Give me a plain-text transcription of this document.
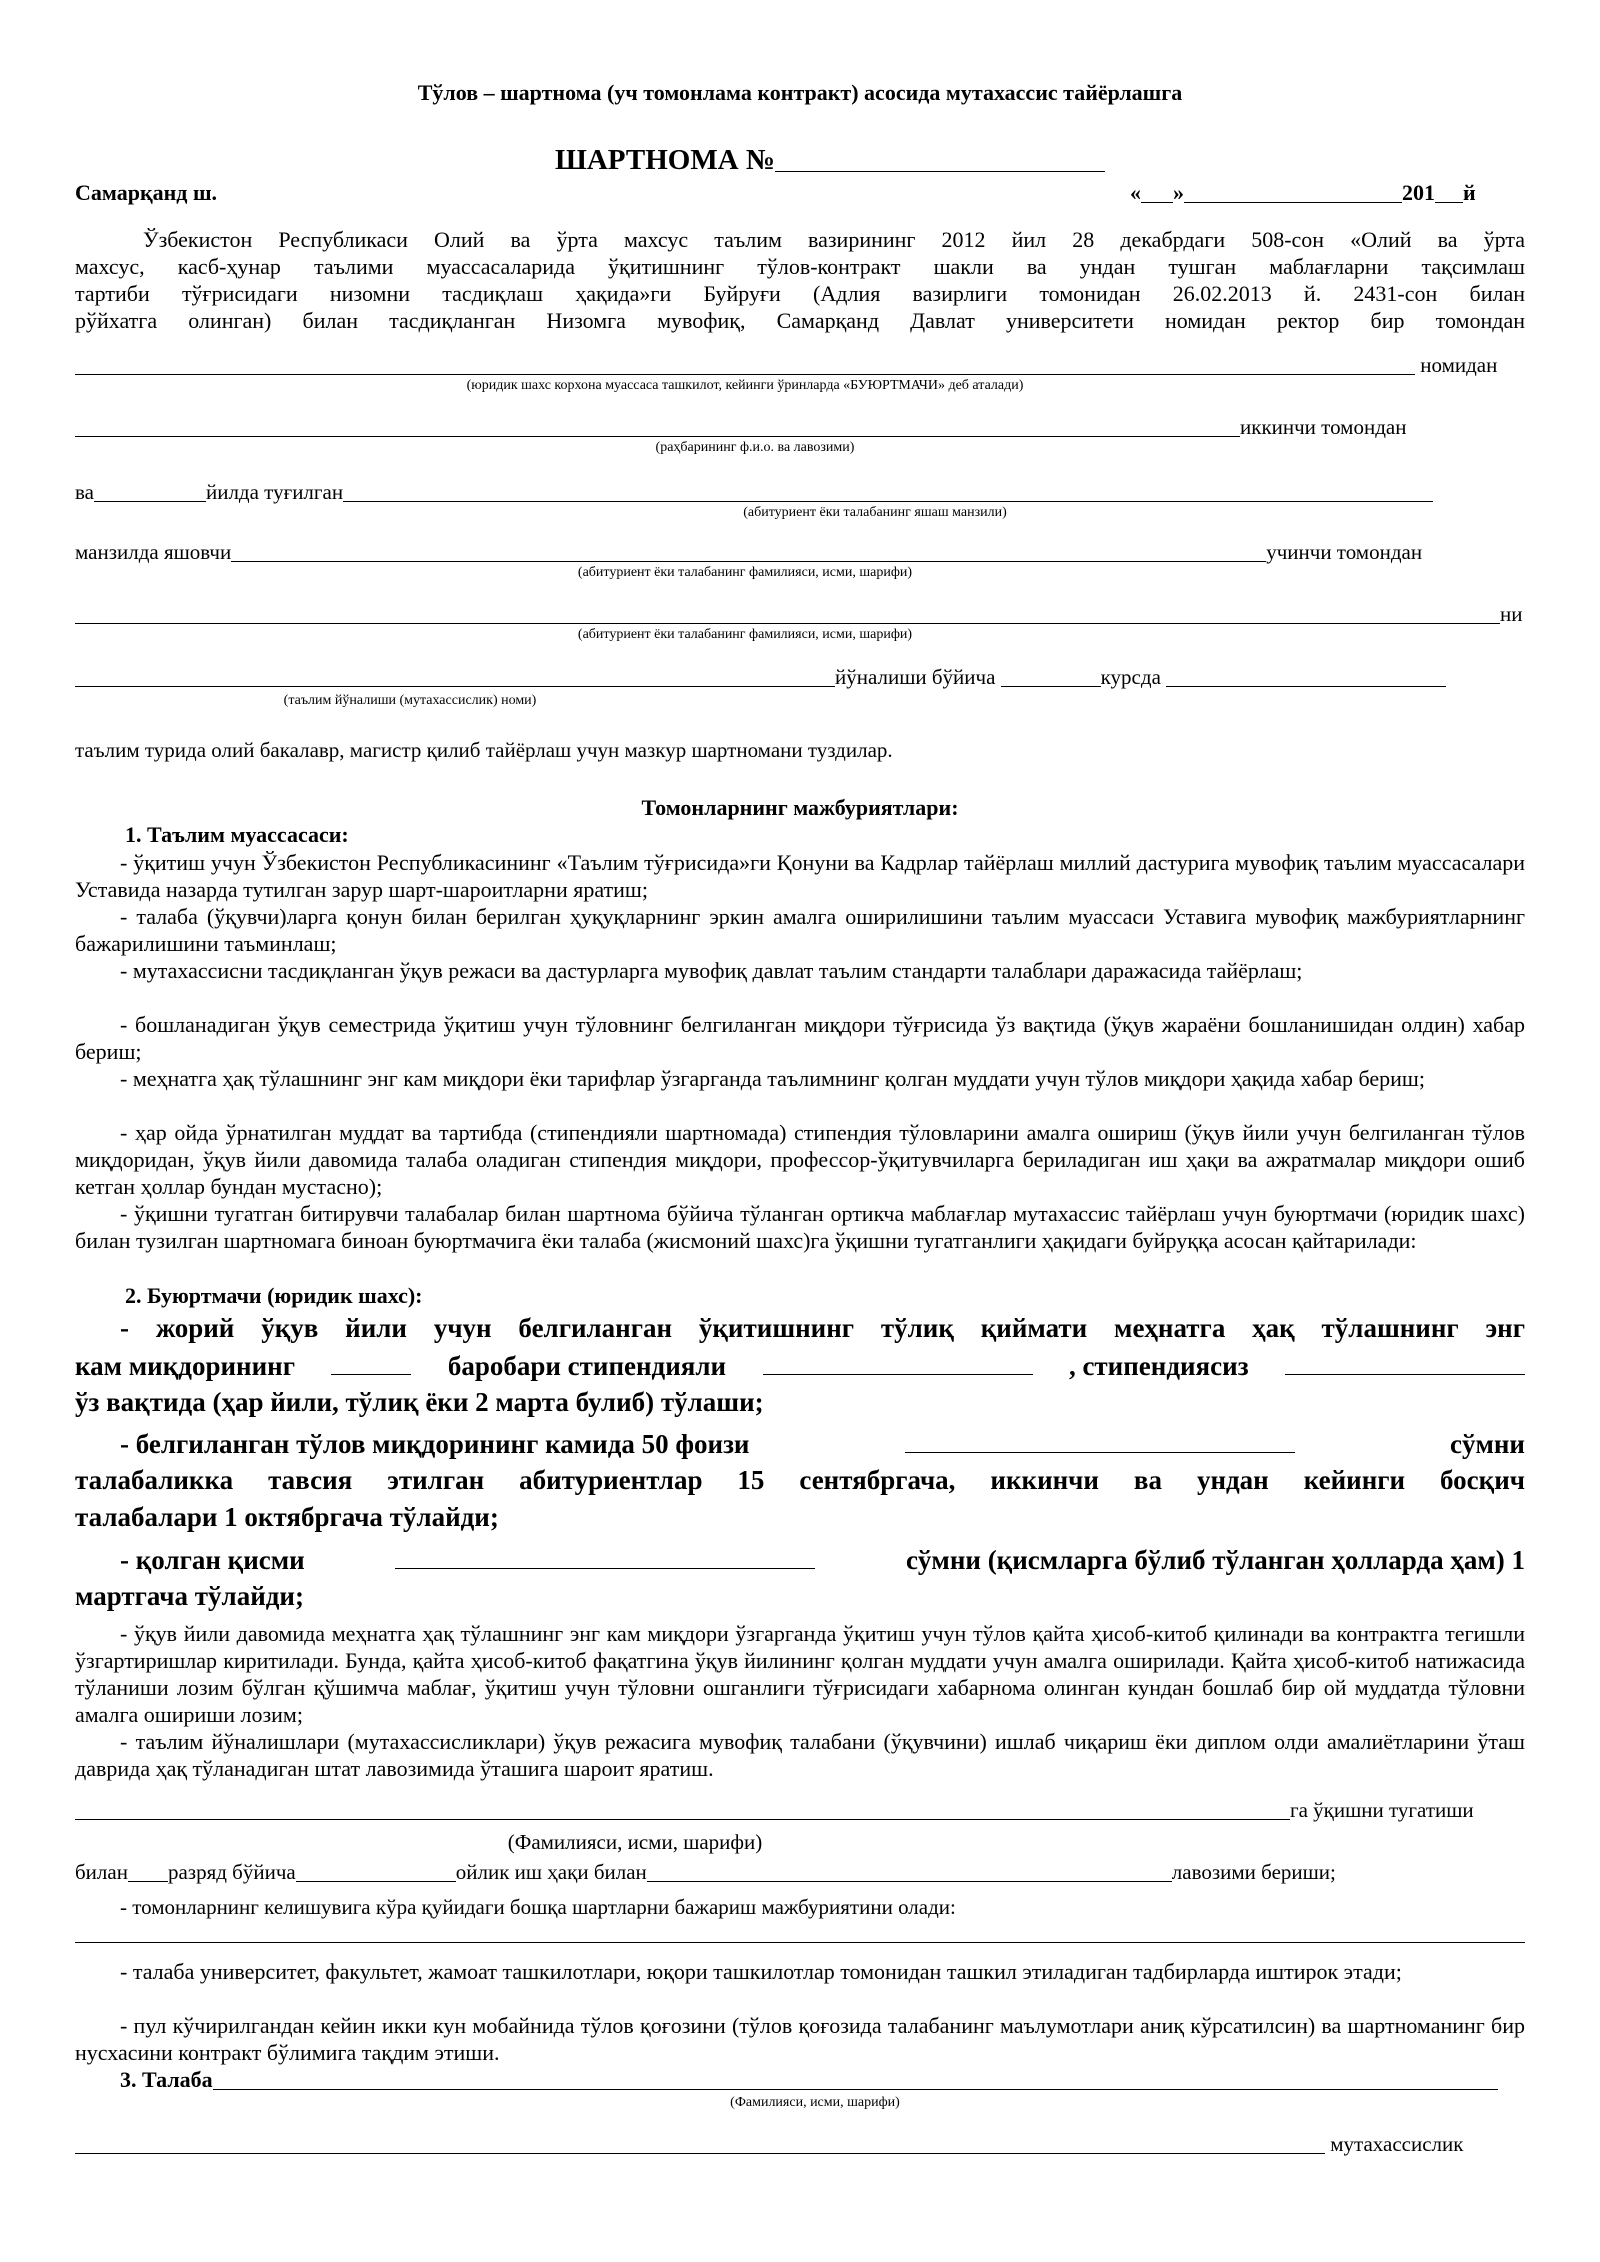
Тўлов – шартнома (уч томонлама контракт) асосида мутахассис тайёрлашга
ШАРТНОМА №
Самарқанд ш.	« »	201 й
Ўзбекистон Республикаси Олий ва ўрта махсус таълим вазирининг 2012 йил 28 декабрдаги 508-сон «Олий ва ўрта
махсус, касб-ҳунар таълими муассасаларида ўқитишнинг тўлов-контракт шакли ва ундан тушган маблағларни тақсимлаш
тартиби тўғрисидаги низомни тасдиқлаш ҳақида»ги Буйруғи (Адлия вазирлиги томонидан 26.02.2013 й. 2431-сон билан
рўйхатга олинган) билан тасдиқланган Низомга мувофиқ, Самарқанд Давлат университети номидан ректор бир томондан
номидан
(юридик шахс корхона муассаса ташкилот, кейинги ўринларда «БУЮРТМАЧИ» деб аталади)
иккинчи томондан
(раҳбарининг ф.и.о. ва лавозими)
ва	йилда туғилган
(абитуриент ёки талабанинг яшаш манзили)
манзилда яшовчи	учинчи томондан
(абитуриент ёки талабанинг фамилияси, исми, шарифи)
ни
(абитуриент ёки талабанинг фамилияси, исми, шарифи)
йўналиши бўйича	курсда
(таълим йўналиши (мутахассислик) номи)
таълим турида олий бакалавр, магистр қилиб тайёрлаш учун мазкур шартномани туздилар.
Томонларнинг мажбуриятлари:
1. Таълим муассасаси:
- ўқитиш учун Ўзбекистон Республикасининг «Таълим тўғрисида»ги Қонуни ва Кадрлар тайёрлаш миллий дастурига мувофиқ таълим муассасалари Уставида назарда тутилган зарур шарт-шароитларни яратиш;
- талаба (ўқувчи)ларга қонун билан берилган ҳуқуқларнинг эркин амалга оширилишини таълим муассаси Уставига мувофиқ мажбуриятларнинг бажарилишини таъминлаш;
- мутахассисни тасдиқланган ўқув режаси ва дастурларга мувофиқ давлат таълим стандарти талаблари даражасида тайёрлаш;
- бошланадиган ўқув семестрида ўқитиш учун тўловнинг белгиланган миқдори тўғрисида ўз вақтида (ўқув жараёни бошланишидан олдин) хабар бериш;
- меҳнатга ҳақ тўлашнинг энг кам миқдори ёки тарифлар ўзгарганда таълимнинг қолган муддати учун тўлов миқдори ҳақида хабар бериш;
- ҳар ойда ўрнатилган муддат ва тартибда (стипендияли шартномада) стипендия тўловларини амалга ошириш (ўқув йили учун белгиланган тўлов миқдоридан, ўқув йили давомида талаба оладиган стипендия миқдори, профессор-ўқитувчиларга бериладиган иш ҳақи ва ажратмалар миқдори ошиб кетган ҳоллар бундан мустасно);
- ўқишни тугатган битирувчи талабалар билан шартнома бўйича тўланган ортикча маблағлар мутахассис тайёрлаш учун буюртмачи (юридик шахс) билан тузилган шартномага биноан буюртмачига ёки талаба (жисмоний шахс)га ўқишни тугатганлиги ҳақидаги буйруққа асосан қайтарилади:
2. Буюртмачи (юридик шахс):
- жорий ўқув йили учун белгиланган ўқитишнинг тўлиқ қиймати меҳнатга ҳақ тўлашнинг энг
кам миқдорининг	баробари стипендияли	, стипендиясиз
ўз вақтида (ҳар йили, тўлиқ ёки 2 марта булиб) тўлаши;
- белгиланган тўлов миқдорининг камида 50 фоизи	сўмни
талабаликка тавсия этилган абитуриентлар 15 сентябргача, иккинчи ва ундан кейинги босқич
талабалари 1 октябргача тўлайди;
- қолган қисми	сўмни (қисмларга бўлиб тўланган ҳолларда ҳам) 1
мартгача тўлайди;
- ўқув йили давомида меҳнатга ҳақ тўлашнинг энг кам миқдори ўзгарганда ўқитиш учун тўлов қайта ҳисоб-китоб қилинади ва контрактга тегишли ўзгартиришлар киритилади. Бунда, қайта ҳисоб-китоб фақатгина ўқув йилининг қолган муддати учун амалга оширилади. Қайта ҳисоб-китоб натижасида тўланиши лозим бўлган қўшимча маблағ, ўқитиш учун тўловни ошганлиги тўғрисидаги хабарнома олинган кундан бошлаб бир ой муддатда тўловни амалга ошириши лозим;
- таълим йўналишлари (мутахассисликлари) ўқув режасига мувофиқ талабани (ўқувчини) ишлаб чиқариш ёки диплом олди амалиётларини ўташ даврида ҳақ тўланадиган штат лавозимида ўташига шароит яратиш.
га ўқишни тугатиши
(Фамилияси, исми, шарифи)
билан разряд бўйича	ойлик иш ҳақи билан	лавозими бериши;
- томонларнинг келишувига кўра қуйидаги бошқа шартларни бажариш мажбуриятини олади:
- талаба университет, факультет, жамоат ташкилотлари, юқори ташкилотлар томонидан ташкил этиладиган тадбирларда иштирок этади;
- пул кўчирилгандан кейин икки кун мобайнида тўлов қоғозини (тўлов қоғозида талабанинг маълумотлари аниқ кўрсатилсин) ва шартноманинг бир нусхасини контракт бўлимига тақдим этиши.
3. Талаба
(Фамилияси, исми, шарифи)
мутахассислик
